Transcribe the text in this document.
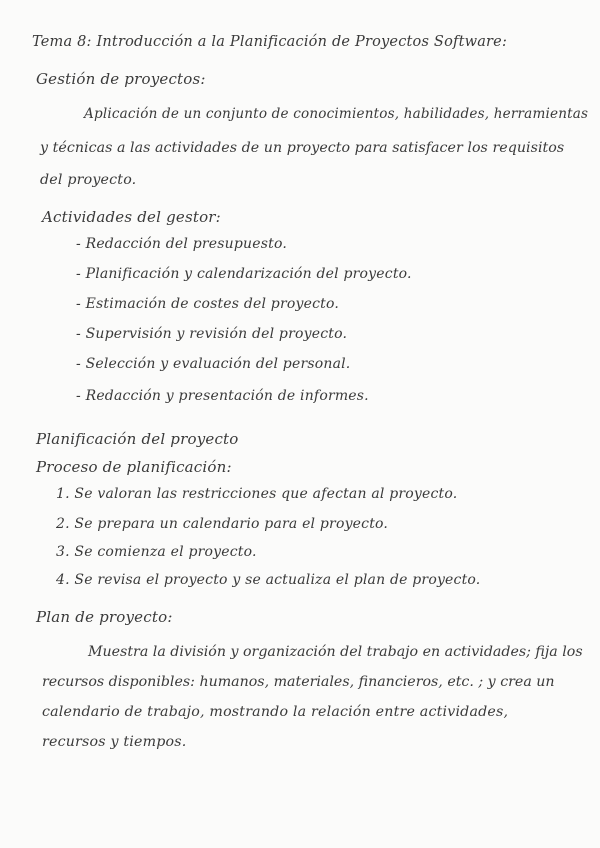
Tema 8: Introducción a la Planificación de Proyectos Software:
Gestión de proyectos:
Aplicación de un conjunto de conocimientos, habilidades, herramientas
y técnicas a las actividades de un proyecto para satisfacer los requisitos
del proyecto.
Actividades del gestor:
- Redacción del presupuesto.
- Planificación y calendarización del proyecto.
- Estimación de costes del proyecto.
- Supervisión y revisión del proyecto.
- Selección y evaluación del personal.
- Redacción y presentación de informes.
Planificación del proyecto
Proceso de planificación:
1. Se valoran las restricciones que afectan al proyecto.
2. Se prepara un calendario para el proyecto.
3. Se comienza el proyecto.
4. Se revisa el proyecto y se actualiza el plan de proyecto.
Plan de proyecto:
Muestra la división y organización del trabajo en actividades; fija los
recursos disponibles: humanos, materiales, financieros, etc. ; y crea un
calendario de trabajo, mostrando la relación entre actividades,
recursos y tiempos.
